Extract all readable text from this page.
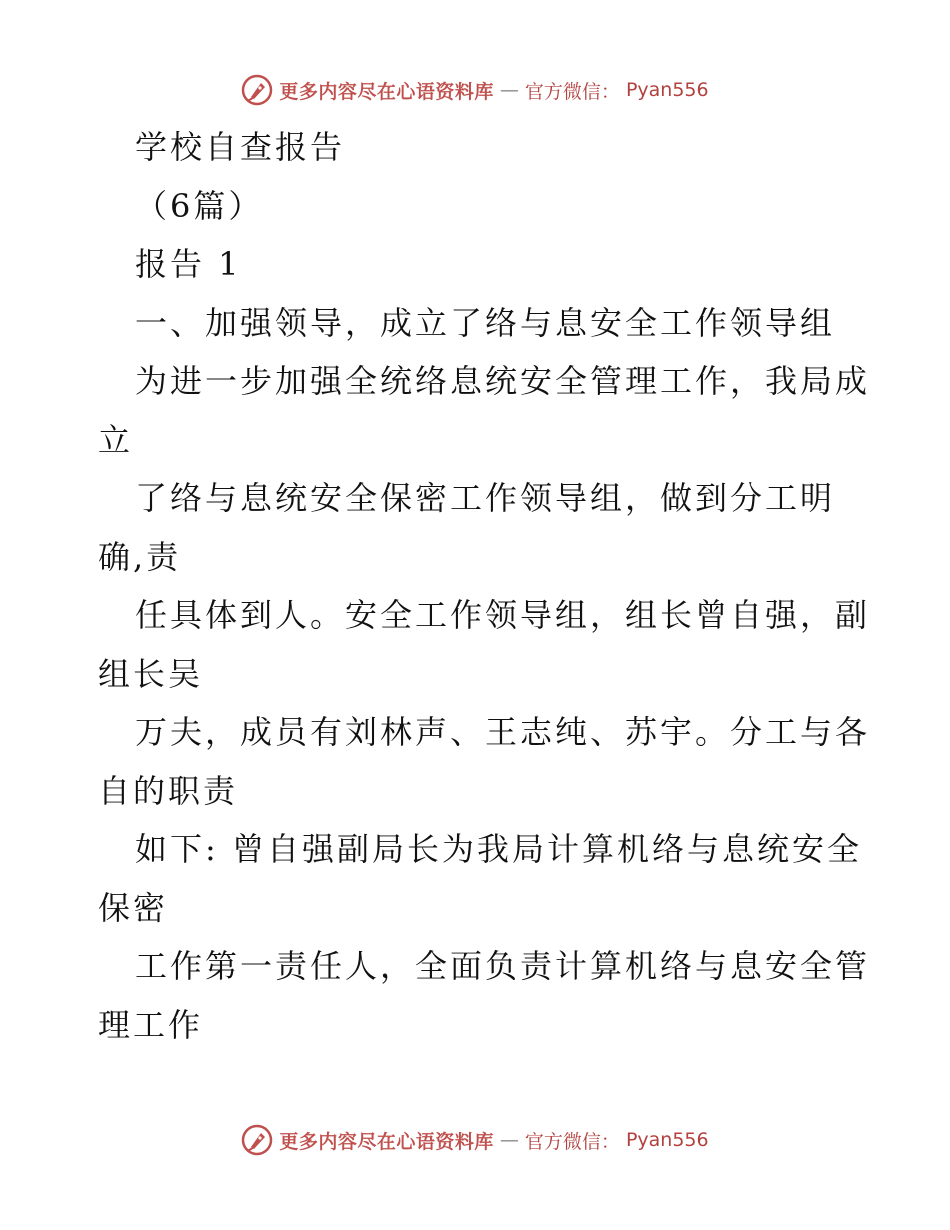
更多内容尽在心语资料库 — 官方微信： Pyan556
学校自查报告
（6篇）
报告 1
一、加强领导，成立了络与息安全工作领导组
为进一步加强全统络息统安全管理工作，我局成
立
了络与息统安全保密工作领导组，做到分工明
确,责
任具体到人。安全工作领导组，组长曾自强，副
组长吴
万夫，成员有刘林声、王志纯、苏宇。分工与各
自的职责
如下: 曾自强副局长为我局计算机络与息统安全
保密
工作第一责任人，全面负责计算机络与息安全管
理工作
更多内容尽在心语资料库 — 官方微信： Pyan556
